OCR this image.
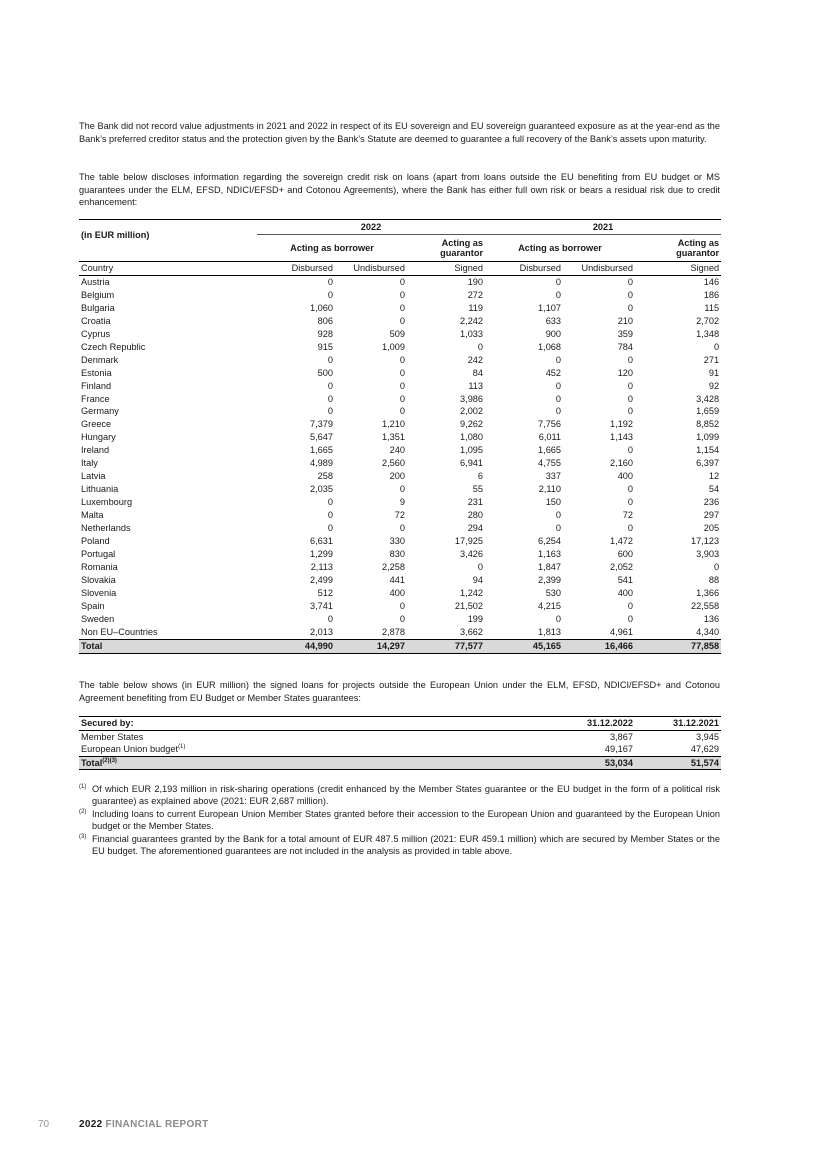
The Bank did not record value adjustments in 2021 and 2022 in respect of its EU sovereign and EU sovereign guaranteed exposure as at the year-end as the Bank’s preferred creditor status and the protection given by the Bank’s Statute are deemed to guarantee a full recovery of the Bank’s assets upon maturity.

The table below discloses information regarding the sovereign credit risk on loans (apart from loans outside the EU benefiting from EU budget or MS guarantees under the ELM, EFSD, NDICI/EFSD+ and Cotonou Agreements), where the Bank has either full own risk or bears a residual risk due to credit enhancement:

	2022			2021		

(in EUR million)	Acting as borrower		Acting as guarantor	Acting as borrower		Acting as guarantor
Country	Disbursed	Undisbursed	Signed	Disbursed	Undisbursed	Signed
Austria	0	0	190	0	0	146
Belgium	0	0	272	0	0	186
Bulgaria	1,060	0	119	1,107	0	115
Croatia	806	0	2,242	633	210	2,702
Cyprus	928	509	1,033	900	359	1,348
Czech Republic	915	1,009	0	1,068	784	0
Denmark	0	0	242	0	0	271
Estonia	500	0	84	452	120	91
Finland	0	0	113	0	0	92
France	0	0	3,986	0	0	3,428
Germany	0	0	2,002	0	0	1,659
Greece	7,379	1,210	9,262	7,756	1,192	8,852
Hungary	5,647	1,351	1,080	6,011	1,143	1,099
Ireland	1,665	240	1,095	1,665	0	1,154
Italy	4,989	2,560	6,941	4,755	2,160	6,397
Latvia	258	200	6	337	400	12
Lithuania	2,035	0	55	2,110	0	54
Luxembourg	0	9	231	150	0	236
Malta	0	72	280	0	72	297
Netherlands	0	0	294	0	0	205
Poland	6,631	330	17,925	6,254	1,472	17,123
Portugal	1,299	830	3,426	1,163	600	3,903
Romania	2,113	2,258	0	1,847	2,052	0
Slovakia	2,499	441	94	2,399	541	88
Slovenia	512	400	1,242	530	400	1,366
Spain	3,741	0	21,502	4,215	0	22,558
Sweden	0	0	199	0	0	136
Non EU–Countries	2,013	2,878	3,662	1,813	4,961	4,340
Total	44,990	14,297	77,577	45,165	16,466	77,858

The table below shows (in EUR million) the signed loans for projects outside the European Union under the ELM, EFSD, NDICI/EFSD+ and Cotonou Agreement benefiting from EU Budget or Member States guarantees:

Secured by:	31.12.2022	31.12.2021
Member States	3,867	3,945
European Union budget$^{(1)}$	49,167	47,629
Total$^{(2)(3)}$	53,034	51,574

(1) Of which EUR 2,193 million in risk-sharing operations (credit enhanced by the Member States guarantee or the EU budget in the form of a political risk guarantee) as explained above (2021: EUR 2,687 million).

(2) Including loans to current European Union Member States granted before their accession to the European Union and guaranteed by the European Union budget or the Member States.

(3) Financial guarantees granted by the Bank for a total amount of EUR 487.5 million (2021: EUR 459.1 million) which are secured by Member States or the EU budget. The aforementioned guarantees are not included in the analysis as provided in table above.

70	2022 FINANCIAL REPORT
